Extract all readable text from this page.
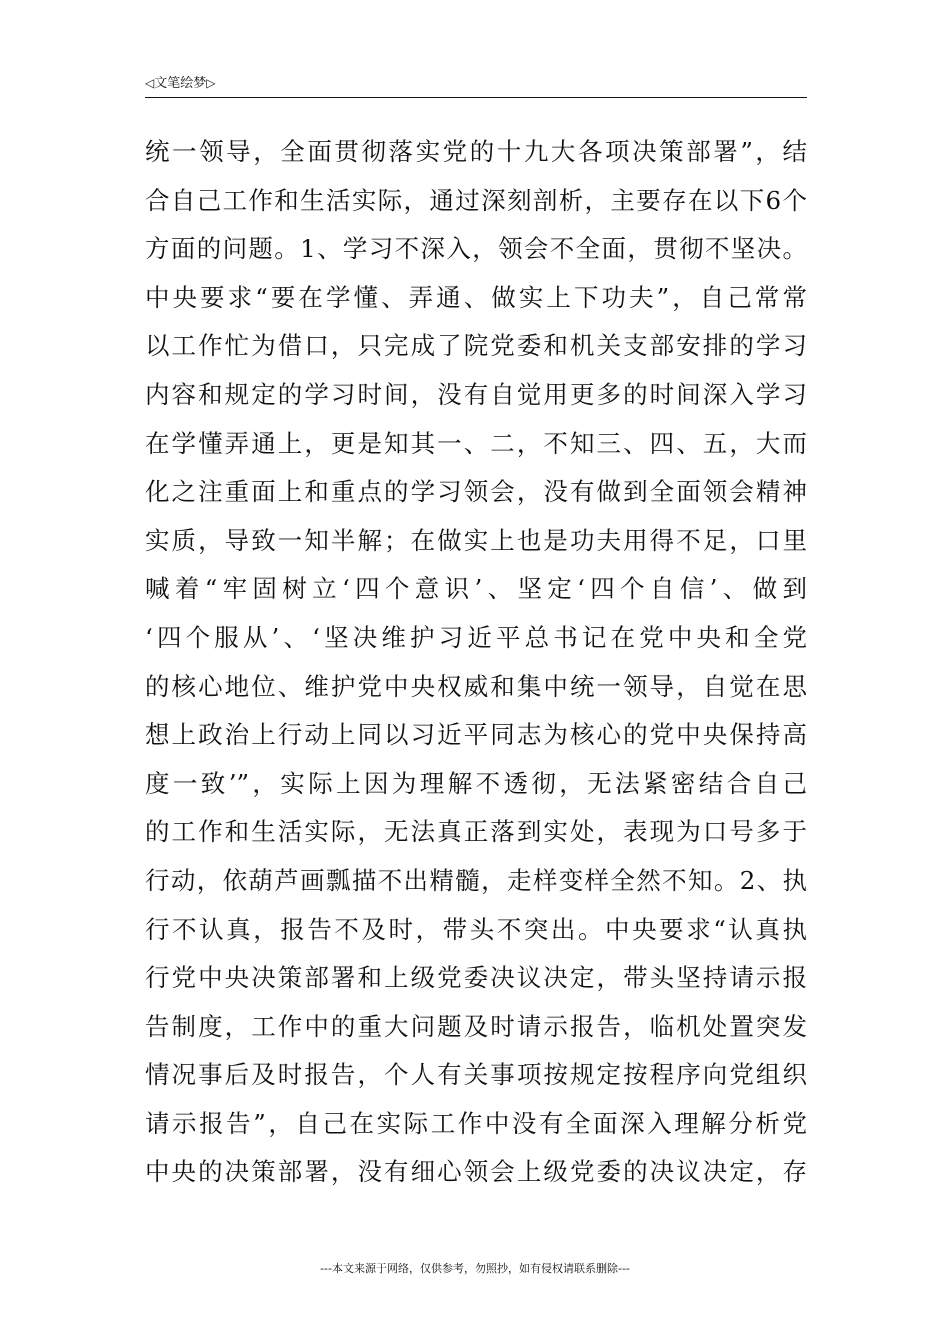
◁文笔绘梦▷
统一领导，全面贯彻落实党的十九大各项决策部署”，结
合自己工作和生活实际，通过深刻剖析，主要存在以下6个
方面的问题。1、学习不深入，领会不全面，贯彻不坚决。
中央要求“要在学懂、弄通、做实上下功夫”，自己常常
以工作忙为借口，只完成了院党委和机关支部安排的学习
内容和规定的学习时间，没有自觉用更多的时间深入学习
在学懂弄通上，更是知其一、二，不知三、四、五，大而
化之注重面上和重点的学习领会，没有做到全面领会精神
实质，导致一知半解；在做实上也是功夫用得不足，口里
喊着“牢固树立‘四个意识’、坚定‘四个自信’、做到
‘四个服从’、‘坚决维护习近平总书记在党中央和全党
的核心地位、维护党中央权威和集中统一领导，自觉在思
想上政治上行动上同以习近平同志为核心的党中央保持高
度一致’”，实际上因为理解不透彻，无法紧密结合自己
的工作和生活实际，无法真正落到实处，表现为口号多于
行动，依葫芦画瓢描不出精髓，走样变样全然不知。2、执
行不认真，报告不及时，带头不突出。中央要求“认真执
行党中央决策部署和上级党委决议决定，带头坚持请示报
告制度，工作中的重大问题及时请示报告，临机处置突发
情况事后及时报告，个人有关事项按规定按程序向党组织
请示报告”，自己在实际工作中没有全面深入理解分析党
中央的决策部署，没有细心领会上级党委的决议决定，存
---本文来源于网络，仅供参考，勿照抄，如有侵权请联系删除---
